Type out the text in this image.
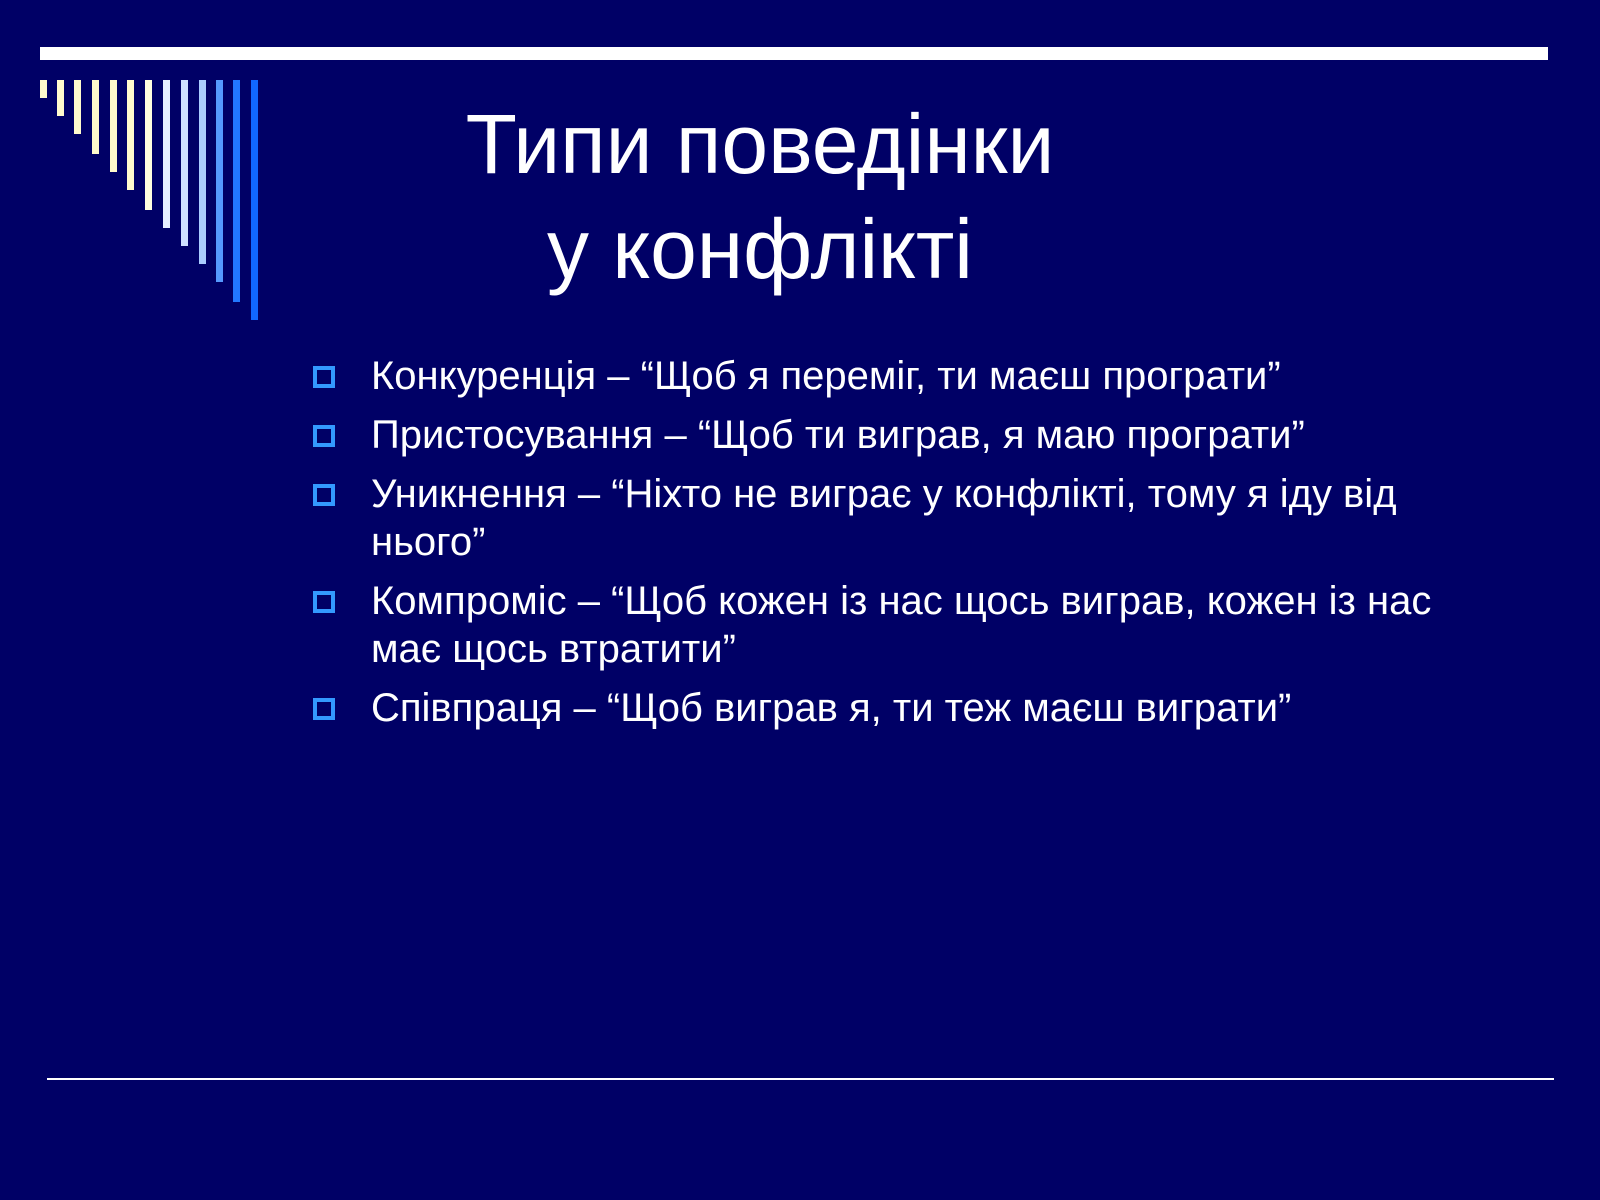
Типи поведінки
у конфлікті
Конкуренція – “Щоб я переміг, ти маєш програти”
Пристосування – “Щоб ти виграв, я маю програти”
Уникнення – “Ніхто не виграє у конфлікті, тому я іду від нього”
Компроміс – “Щоб кожен із нас щось виграв, кожен із нас має щось втратити”
Співпраця – “Щоб виграв я, ти теж маєш виграти”
